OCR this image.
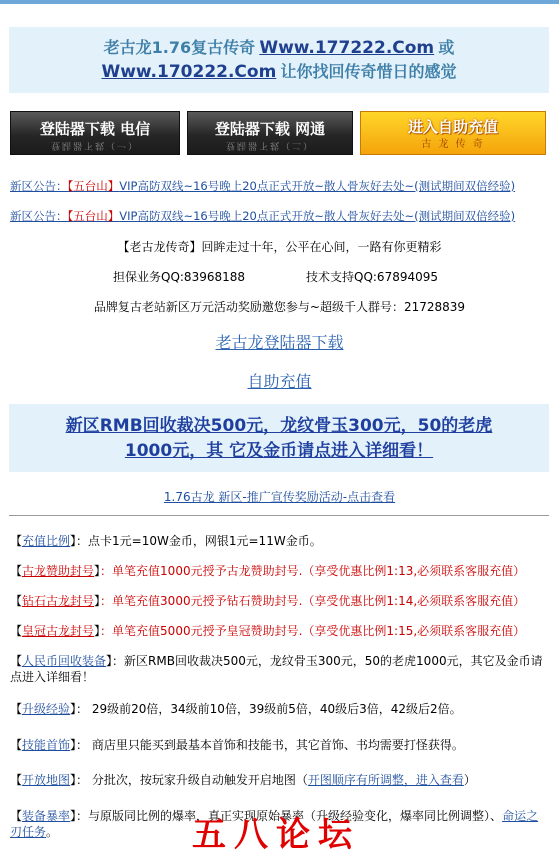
老古龙1.76复古传奇 Www.177222.Com 或
Www.170222.Com 让你找回传奇惜日的感觉
登陆器下载 电信
登陆器下载（一）
登陆器下载 网通
登陆器下载（二）
进入自助充值
古 龙 传 奇
新区公告：【五台山】VIP高防双线~16号晚上20点正式开放~散人骨灰好去处~(测试期间双倍经验)
新区公告：【五台山】VIP高防双线~16号晚上20点正式开放~散人骨灰好去处~(测试期间双倍经验)
【老古龙传奇】回眸走过十年，公平在心间，一路有你更精彩
担保业务QQ:83968188	技术支持QQ:67894095
品牌复古老站新区万元活动奖励邀您参与~超级千人群号：21728839
老古龙登陆器下载
自助充值
新区RMB回收裁决500元，龙纹骨玉300元，50的老虎
1000元，其 它及金币请点进入详细看！
1.76古龙 新区-推广宣传奖励活动-点击查看
【充值比例】：点卡1元=10W金币，网银1元=11W金币。
【古龙赞助封号】：单笔充值1000元授予古龙赞助封号.（享受优惠比例1:13,必须联系客服充值）
【钻石古龙封号】：单笔充值3000元授予钻石赞助封号.（享受优惠比例1:14,必须联系客服充值）
【皇冠古龙封号】：单笔充值5000元授予皇冠赞助封号.（享受优惠比例1:15,必须联系客服充值）
【人民币回收装备】：新区RMB回收裁决500元，龙纹骨玉300元，50的老虎1000元，其它及金币请点进入详细看！
【升级经验】： 29级前20倍，34级前10倍，39级前5倍，40级后3倍，42级后2倍。
【技能首饰】： 商店里只能买到最基本首饰和技能书，其它首饰、书均需要打怪获得。
【开放地图】： 分批次，按玩家升级自动触发开启地图（开图顺序有所调整，进入查看）
【装备暴率】：与原版同比例的爆率，真正实现原始暴率（升级经验变化，爆率同比例调整）、命运之刃任务。	五八论坛
